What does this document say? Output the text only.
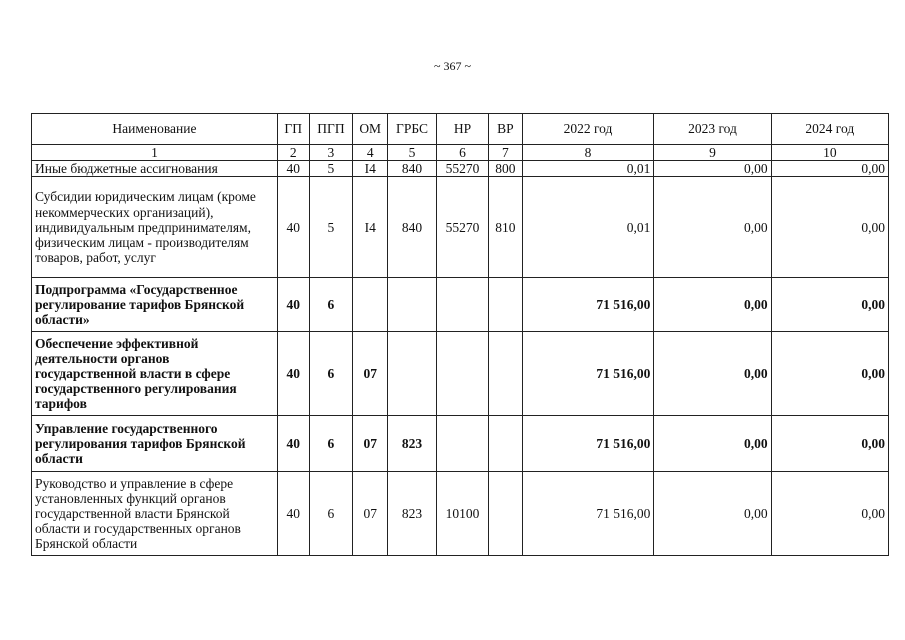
~ 367 ~
Наименование	ГП	ПГП	ОМ	ГРБС	НР	ВР	2022 год	2023 год	2024 год
1	2	3	4	5	6	7	8	9	10
Иные бюджетные ассигнования	40	5	I4	840	55270	800	0,01	0,00	0,00
Субсидии юридическим лицам (кроме некоммерческих организаций), индивидуальным предпринимателям, физическим лицам - производителям товаров, работ, услуг	40	5	I4	840	55270	810	0,01	0,00	0,00
Подпрограмма «Государственное регулирование тарифов Брянской области»	40	6					71 516,00	0,00	0,00
Обеспечение эффективной деятельности органов государственной власти в сфере государственного регулирования тарифов	40	6	07				71 516,00	0,00	0,00
Управление государственного регулирования тарифов Брянской области	40	6	07	823			71 516,00	0,00	0,00
Руководство и управление в сфере установленных функций органов государственной власти Брянской области и государственных органов Брянской области	40	6	07	823	10100		71 516,00	0,00	0,00
